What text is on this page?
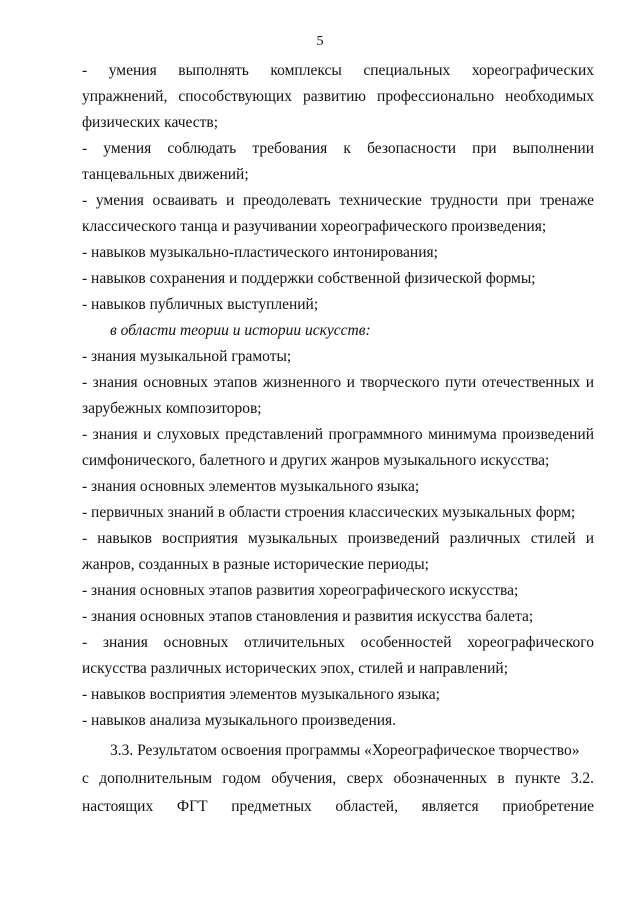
5
- умения выполнять комплексы специальных хореографических
упражнений, способствующих развитию профессионально необходимых
физических качеств;
- умения соблюдать требования к безопасности при выполнении
танцевальных движений;
- умения осваивать и преодолевать технические трудности при тренаже
классического танца и разучивании хореографического произведения;
- навыков музыкально-пластического интонирования;
- навыков сохранения и поддержки собственной физической формы;
- навыков публичных выступлений;
в области теории и истории искусств:
- знания музыкальной грамоты;
- знания основных этапов жизненного и творческого пути отечественных и
зарубежных композиторов;
- знания и слуховых представлений программного минимума произведений
симфонического, балетного и других жанров музыкального искусства;
- знания основных элементов музыкального языка;
- первичных знаний в области строения классических музыкальных форм;
- навыков восприятия музыкальных произведений различных стилей и
жанров, созданных в разные исторические периоды;
- знания основных этапов развития хореографического искусства;
- знания основных этапов становления и развития искусства балета;
- знания основных отличительных особенностей хореографического
искусства различных исторических эпох, стилей и направлений;
- навыков восприятия элементов музыкального языка;
- навыков анализа музыкального произведения.
3.3. Результатом освоения программы «Хореографическое творчество»
с дополнительным годом обучения, сверх обозначенных в пункте 3.2.
настоящих ФГТ предметных областей, является приобретение
